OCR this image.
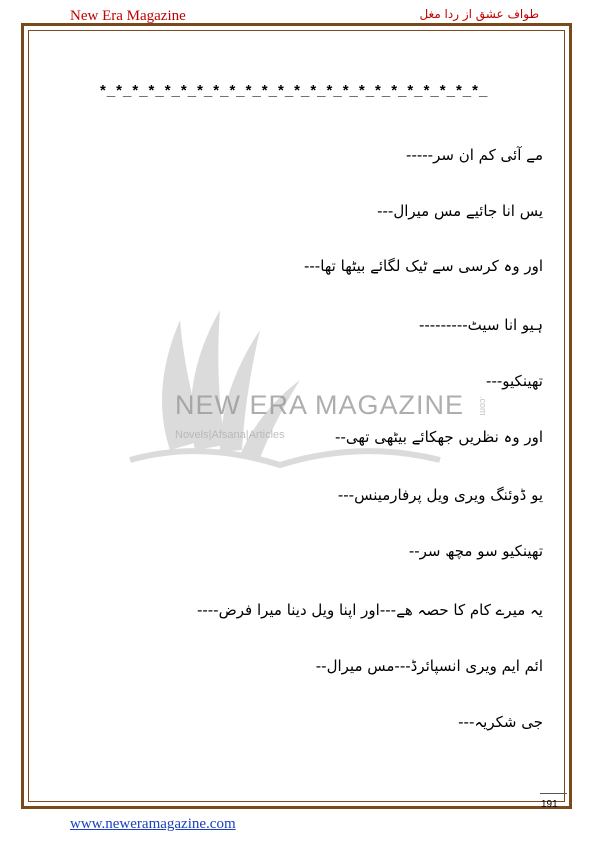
New Era Magazine	طواف عشق از ردا مغل
NEW ERA MAGAZINE
Novels|Afsana|Articles
.com
*_*_*_*_*_*_*_*_*_*_*_*_*_*_*_*_*_*_*_*_*_*_*_*_
مے آئی کم ان سر-----
یس انا جائیے مس میرال---
اور وہ کرسی سے ٹیک لگائے بیٹھا تھا---
ہیو انا سیٹ---------
تھینکیو---
اور وہ نظریں جھکائے بیٹھی تھی--
یو ڈوئنگ ویری ویل پرفارمینس---
تھینکیو سو مچھ سر--
یہ میرے کام کا حصہ ھے---اور اپنا ویل دینا میرا فرض----
ائم ایم ویری انسپائرڈ---مس میرال--
جی شکریہ---
191
www.neweramagazine.com
